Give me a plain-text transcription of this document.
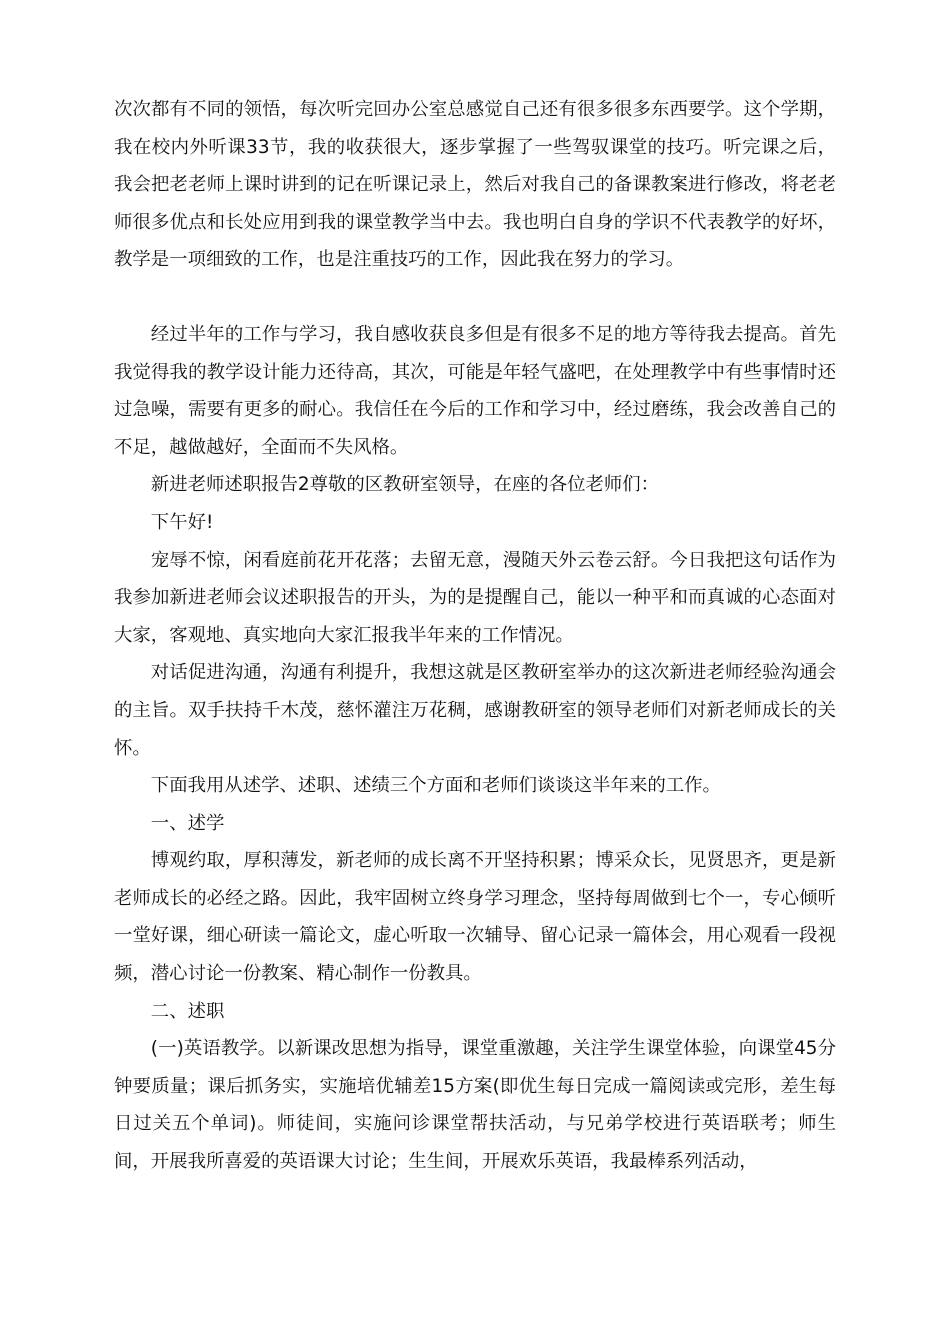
次次都有不同的领悟，每次听完回办公室总感觉自己还有很多很多东西要学。这个学期，我在校内外听课33节，我的收获很大，逐步掌握了一些驾驭课堂的技巧。听完课之后，我会把老老师上课时讲到的记在听课记录上，然后对我自己的备课教案进行修改，将老老师很多优点和长处应用到我的课堂教学当中去。我也明白自身的学识不代表教学的好坏，教学是一项细致的工作，也是注重技巧的工作，因此我在努力的学习。

经过半年的工作与学习，我自感收获良多但是有很多不足的地方等待我去提高。首先我觉得我的教学设计能力还待高，其次，可能是年轻气盛吧，在处理教学中有些事情时还过急噪，需要有更多的耐心。我信任在今后的工作和学习中，经过磨练，我会改善自己的不足，越做越好，全面而不失风格。

新进老师述职报告2尊敬的区教研室领导，在座的各位老师们：

下午好!

宠辱不惊，闲看庭前花开花落；去留无意，漫随天外云卷云舒。今日我把这句话作为我参加新进老师会议述职报告的开头，为的是提醒自己，能以一种平和而真诚的心态面对大家，客观地、真实地向大家汇报我半年来的工作情况。

对话促进沟通，沟通有利提升，我想这就是区教研室举办的这次新进老师经验沟通会的主旨。双手扶持千木茂，慈怀灌注万花稠，感谢教研室的领导老师们对新老师成长的关怀。

下面我用从述学、述职、述绩三个方面和老师们谈谈这半年来的工作。

一、述学

博观约取，厚积薄发，新老师的成长离不开坚持积累；博采众长，见贤思齐，更是新老师成长的必经之路。因此，我牢固树立终身学习理念，坚持每周做到七个一，专心倾听一堂好课，细心研读一篇论文，虚心听取一次辅导、留心记录一篇体会，用心观看一段视频，潜心讨论一份教案、精心制作一份教具。

二、述职

(一)英语教学。以新课改思想为指导，课堂重激趣，关注学生课堂体验，向课堂45分钟要质量；课后抓务实，实施培优辅差15方案(即优生每日完成一篇阅读或完形，差生每日过关五个单词)。师徒间，实施问诊课堂帮扶活动，与兄弟学校进行英语联考；师生间，开展我所喜爱的英语课大讨论；生生间，开展欢乐英语，我最棒系列活动，
